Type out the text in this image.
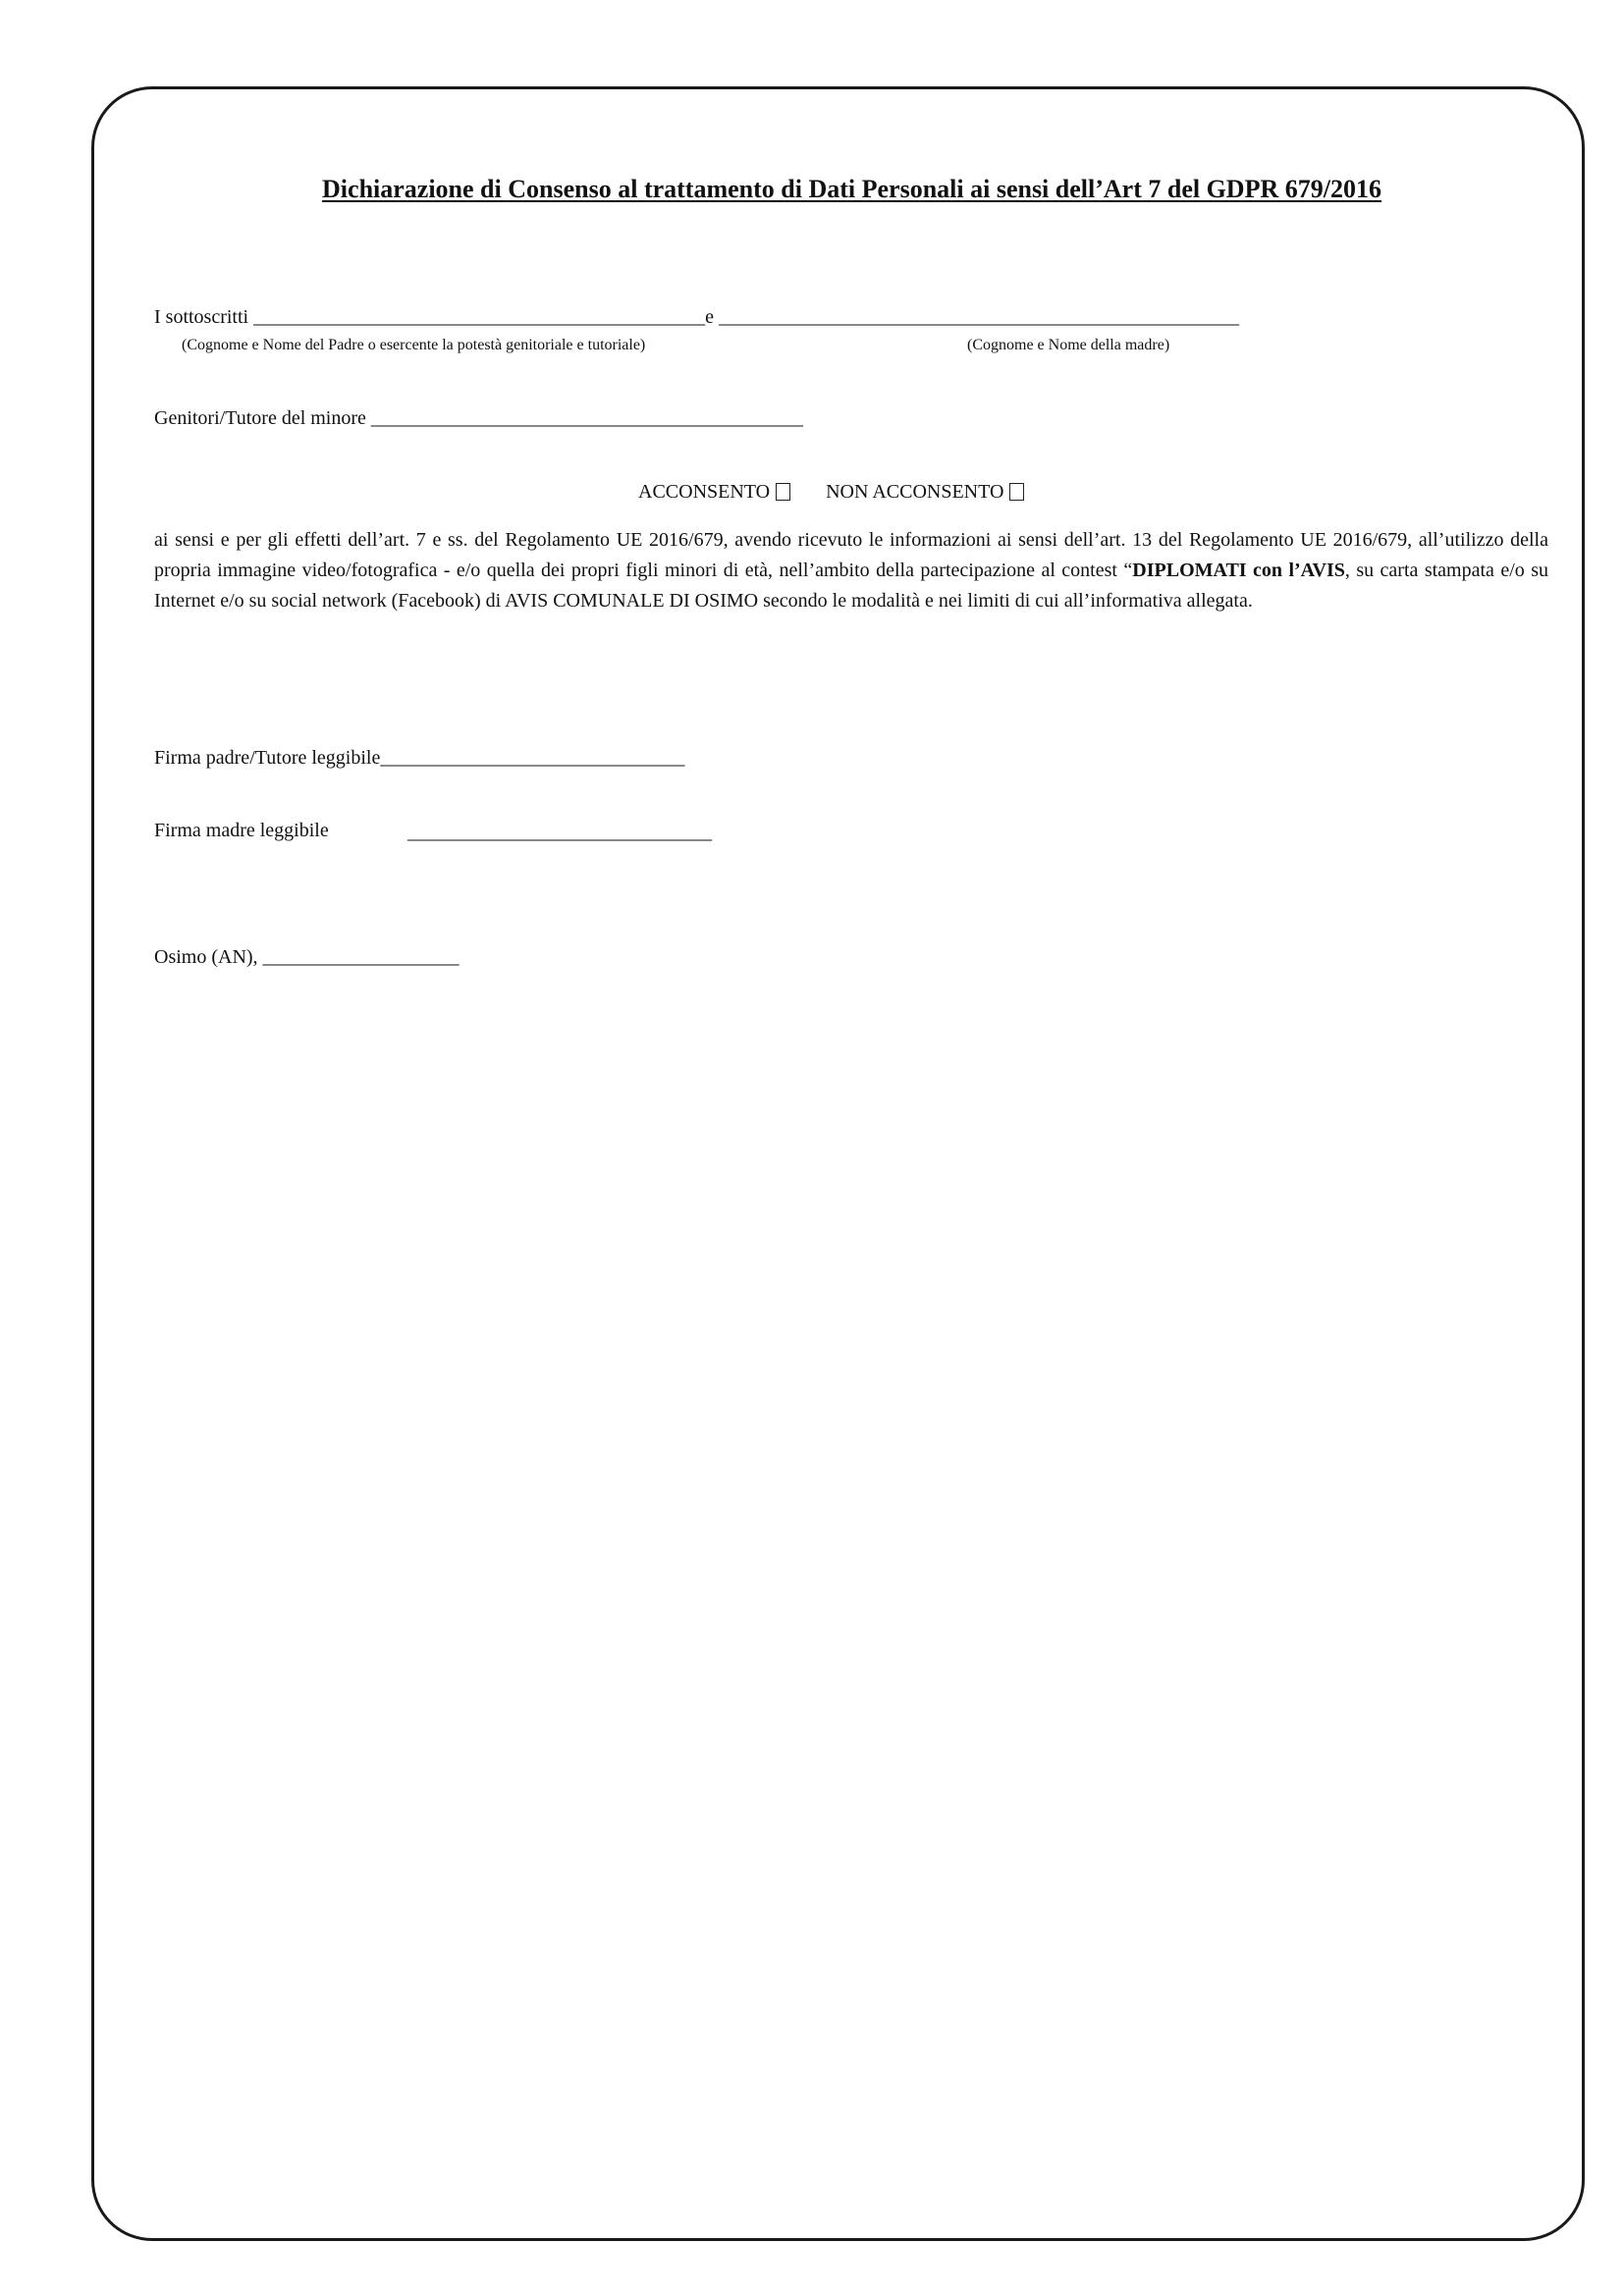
Dichiarazione di Consenso al trattamento di Dati Personali ai sensi dell’Art 7 del GDPR 679/2016
I sottoscritti ______________________________________________e _____________________________________________________
(Cognome e Nome del Padre o esercente la potestà genitoriale e tutoriale)	(Cognome e Nome della madre)
Genitori/Tutore del minore ____________________________________________
ACCONSENTO	NON ACCONSENTO
ai sensi e per gli effetti dell’art. 7 e ss. del Regolamento UE 2016/679, avendo ricevuto le informazioni ai sensi dell’art. 13 del Regolamento UE 2016/679, all’utilizzo della propria immagine video/fotografica - e/o quella dei propri figli minori di età, nell’ambito della partecipazione al contest “DIPLOMATI con l’AVIS, su carta stampata e/o su Internet e/o su social network (Facebook) di AVIS COMUNALE DI OSIMO secondo le modalità e nei limiti di cui all’informativa allegata.
Firma padre/Tutore leggibile_______________________________
Firma madre leggibile	_______________________________
Osimo (AN), ____________________
